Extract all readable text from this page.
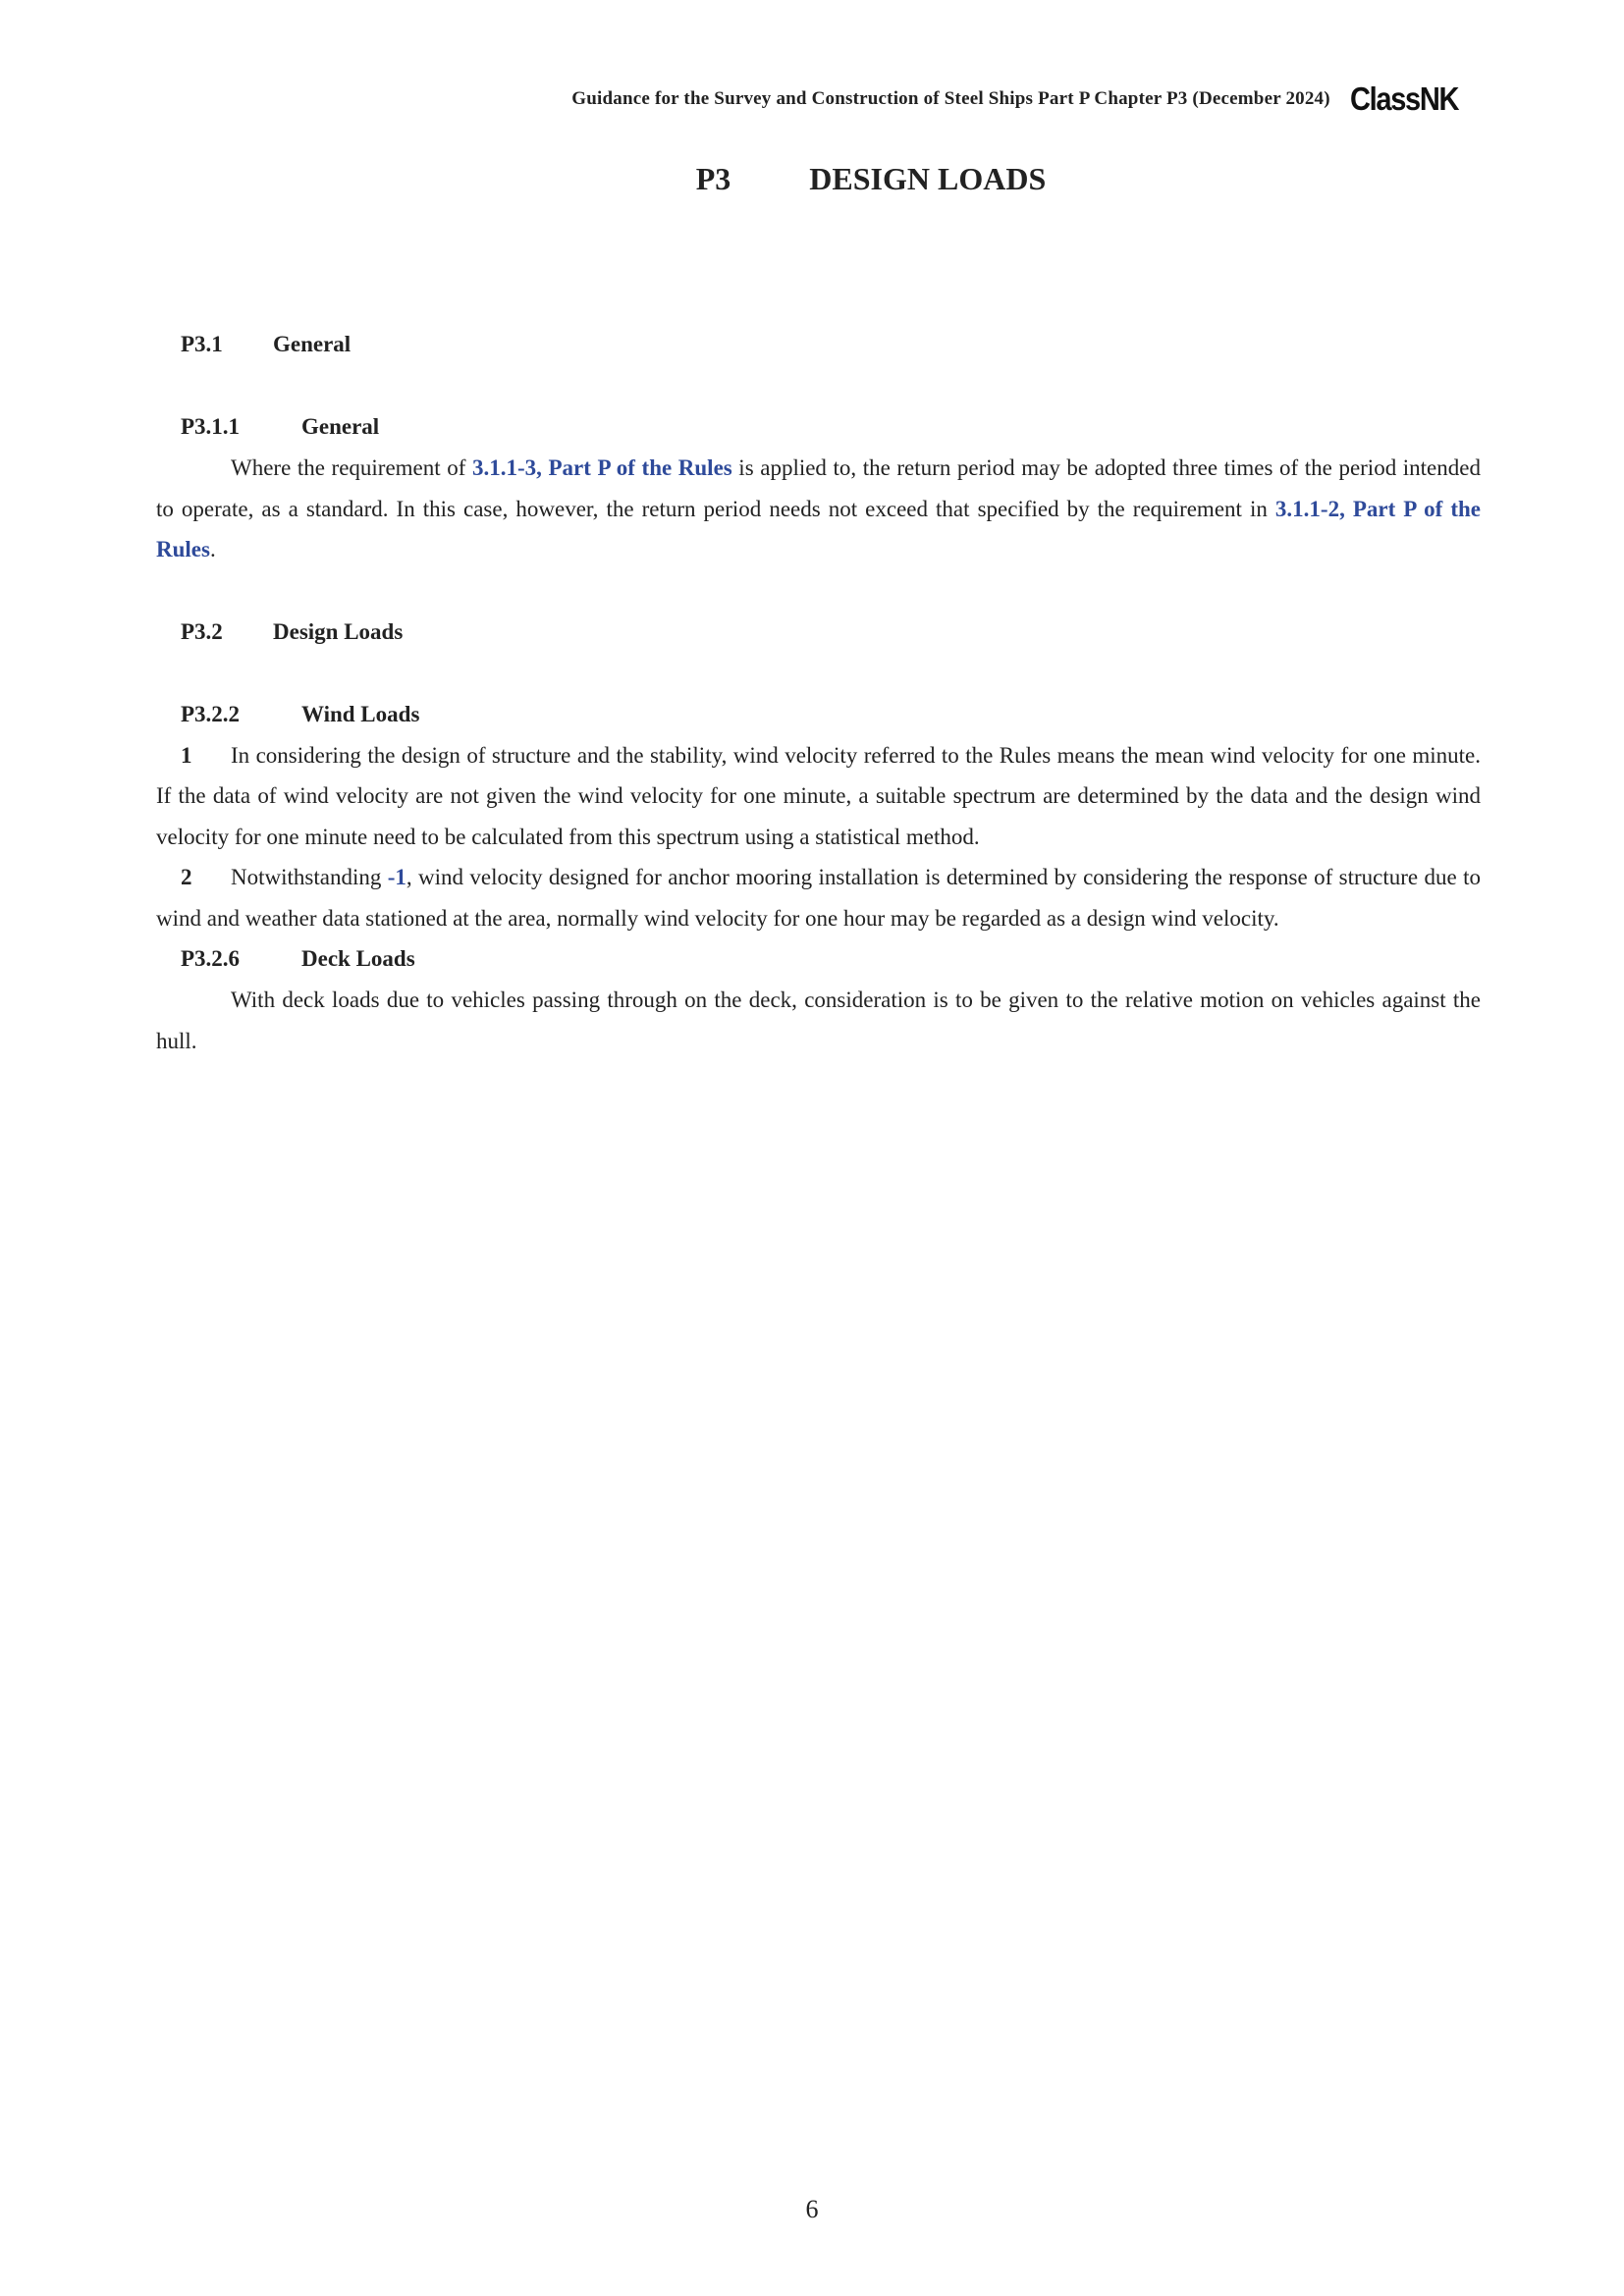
Guidance for the Survey and Construction of Steel Ships Part P Chapter P3 (December 2024) ClassNK
P3	DESIGN LOADS
P3.1	General
P3.1.1	General

Where the requirement of 3.1.1-3, Part P of the Rules is applied to, the return period may be adopted three times of the period intended to operate, as a standard. In this case, however, the return period needs not exceed that specified by the requirement in 3.1.1-2, Part P of the Rules.

P3.2	Design Loads
P3.2.2	Wind Loads

1 In considering the design of structure and the stability, wind velocity referred to the Rules means the mean wind velocity for one minute. If the data of wind velocity are not given the wind velocity for one minute, a suitable spectrum are determined by the data and the design wind velocity for one minute need to be calculated from this spectrum using a statistical method.

2 Notwithstanding -1, wind velocity designed for anchor mooring installation is determined by considering the response of structure due to wind and weather data stationed at the area, normally wind velocity for one hour may be regarded as a design wind velocity.

P3.2.6	Deck Loads

With deck loads due to vehicles passing through on the deck, consideration is to be given to the relative motion on vehicles against the hull.

6
